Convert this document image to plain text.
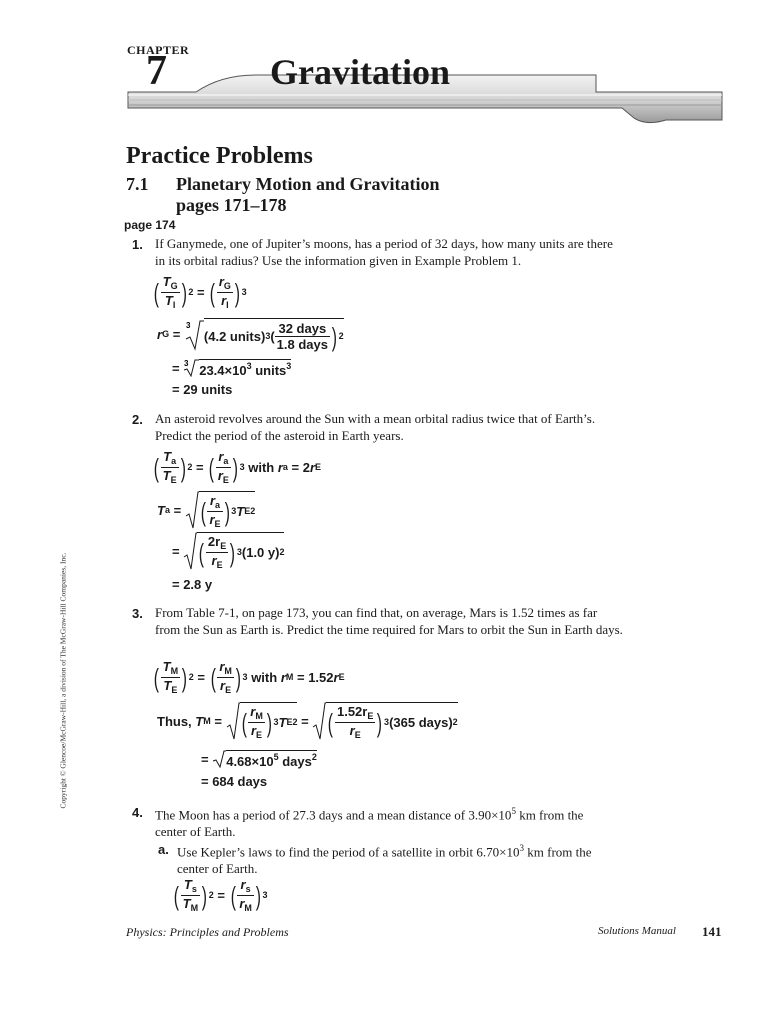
CHAPTER
7	Gravitation
Practice Problems
7.1 Planetary Motion and Gravitation
pages 171–178
page 174
1. If Ganymede, one of Jupiter’s moons, has a period of 32 days, how many units are there in its orbital radius? Use the information given in Example Problem 1.
( $\frac{T_G}{T_I}$ ) 2 = ( $\frac{r_G}{r_I}$ ) 3
r G =
3
(4.2 units) 3 ( $\frac{\text{32 days}}{\text{1.8 days}}$ ) 2
= 3 $23.4\times 10^3$ units$^3$
= 29 units
2. An asteroid revolves around the Sun with a mean orbital radius twice that of Earth’s. Predict the period of the asteroid in Earth years.
( $\frac{T_a}{T_E}$ ) 2 = ( $\frac{r_a}{r_E}$ ) 3
with
r a = 2 r E
T a = ( $\frac{r_a}{r_E}$ ) 3 T E 2
= ( $\frac{2r_E}{r_E}$ ) 3 (1.0 y) 2
= 2.8 y
3. From Table 7-1, on page 173, you can find that, on average, Mars is 1.52 times as far from the Sun as Earth is. Predict the time required for Mars to orbit the Sun in Earth days.
( $\frac{T_M}{T_E}$ ) 2 = ( $\frac{r_M}{r_E}$ ) 3
with
r M = 1.52 r E
Thus,
T M = ( $\frac{r_M}{r_E}$ ) 3 T E 2 = ( $\frac{1.52r_E}{r_E}$ ) 3 (365 days) 2
= $4.68\times 10^5$ days$^2$
= 684 days
4. The Moon has a period of 27.3 days and a mean distance of $3.90\times 10^5$ km from the center of Earth.
a. Use Kepler’s laws to find the period of a satellite in orbit $6.70\times 10^3$ km from the center of Earth.
( $\frac{T_s}{T_M}$ ) 2 = ( $\frac{r_s}{r_M}$ ) 3
Copyright © Glencoe/McGraw-Hill, a division of The McGraw-Hill Companies, Inc.
Physics: Principles and Problems	Solutions Manual 141
